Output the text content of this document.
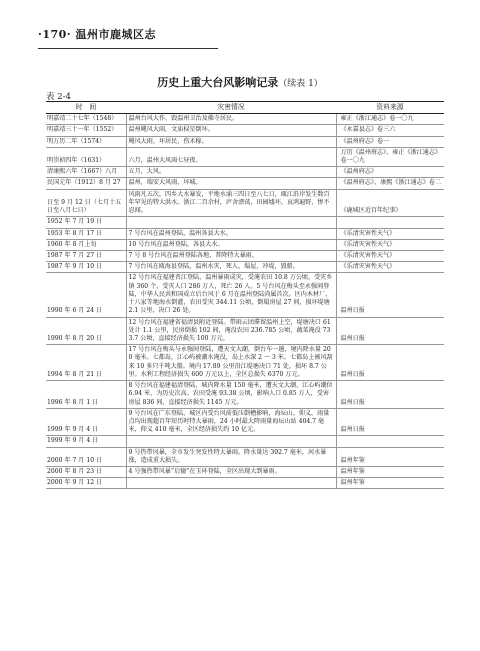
·170· 温州市鹿城区志
历史上重大台风影响记录（续表 1）
表 2-4
时　间	灾害情况	资料来源
明嘉靖二十七年（1548）	温州台风大作，毁温州卫治及佛寺居民。	雍正《浙江通志》卷一〇九
明嘉靖三十一年（1552）	温州飓风大雨，文庙棂星倒坏。	《永嘉县志》卷三六
明万历二年（1574）	飓风大雨，坏居民，伤禾稼。	《温州府志》卷一
明崇祯四年（1631）	六月，温州大风雨七昼夜。	万历《温州府志》、雍正《浙江通志》卷一〇九
清康熙六年（1667）八月	五月，大风。	《温州府志》
民国元年（1912）8 月 27	温州，瑞安大风雨，坏城。	《温州府志》、康熙《浙江通志》卷二
日至 9 月 12 日（七月十五日至八月七日）	风雨凡五次，四乡大水暴发，平地水涌三四日至八七日，瓯江沿岸发生数百年罕见的特大洪水。浙江二百余村，庐舍漂荡，田园墟坏，哀鸿遍野，惨不忍闻。	《鹿城区近百年纪事》
1952 年 7 月 19 日		
1953 年 8 月 17 日	7 号台风在温州登陆，温州各县大水。	《乐清灾害性天气》
1960 年 8 月上旬	10 号台风在温州登陆，各县大水。	《乐清灾害性天气》
1987 年 7 月 27 日	7 号 8 号台风在温州登陆各地，普降特大暴雨。	《乐清灾害性天气》
1987 年 9 月 10 日	7 号台风在瓯海县登陆，温州水灾，死人、塌屋，冲堤，毁船。	《乐清灾害性天气》
1990 年 6 月 24 日	12 号台风在福建晋江登陆，温州暴雨成灾，受淹农田 10.8 万公顷，受灾乡镇 360 个，受灾人口 286 万人，死亡 26 人。5 号台风在梅头至永强间登陆，中华人民共和国成立后台风于 6 月在温州登陆尚属首次。区内木材厂、十八家等地海水倒灌，农田受灾 344.11 公顷，倒塌房屋 27 间，损坏堤塘 2.1 公里，决口 26 处。	温州日报
1990 年 8 月 20 日	12 号台风在福建省福清县附近登陆。带雨云团滞留温州上空，堤塘决口 61 处计 1.1 公里，民房倒损 102 间，淹没农田 236.785 公顷，蔬菜淹没 733.7 公顷，直接经济损失 100 万元。	温州日报
1994 年 8 月 21 日	17 号台风在梅头与永强间登陆，遭天文大潮，倒台车一趟，境内降水量 200 毫米。七都岛，江心屿被潮水淹没，岛上水深 2 ～ 3 米。七都岛上被风刮来 10 多只千吨大船。境内 17.89 公里沿江堤塘决口 71 处，损坏 8.7 公里。水利工程经济损失 600 万元以上，全区总损失 6370 万元。	温州日报
1996 年 8 月 1 日	8 号台风在福建福清登陆，城内降水量 150 毫米，遭天文大潮，江心屿潮位 6.94 米，为历史次高。农田受淹 93.38 公顷，影响人口 0.85 万人，受害房屋 836 间，直接经济损失 1145 万元。	温州日报
1999 年 9 月 4 日	9 号台风在广东登陆，城区内受台风前低压倒槽影响，海坛山、仰义，雨量点均出现超百年短历时特大暴雨，24 小时最大降雨量海坛山站 404.7 毫米，仰义 410 毫米，全区经济损失约 10 亿元。	温州日报
1999 年 9 月 4 日		
2000 年 7 月 10 日	9 号热带风暴，全市发生突发性特大暴雨。降水量达 392.7 毫米，河水暴涨，造成重大损失。	温州年鉴
2000 年 8 月 23 日	4 号强热带风暴“启德”在玉环登陆，全区出现大到暴雨。	温州年鉴
2000 年 9 月 12 日		温州年鉴
